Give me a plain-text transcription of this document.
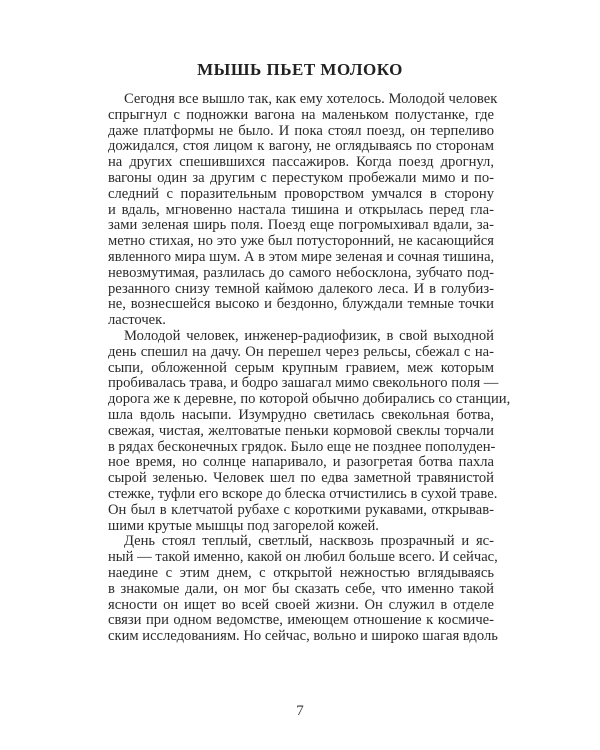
МЫШЬ ПЬЕТ МОЛОКО
Сегодня все вышло так, как ему хотелось. Молодой человек
спрыгнул с подножки вагона на маленьком полустанке, где
даже платформы не было. И пока стоял поезд, он терпеливо
дожидался, стоя лицом к вагону, не оглядываясь по сторонам
на других спешившихся пассажиров. Когда поезд дрогнул,
вагоны один за другим с перестуком пробежали мимо и по-
следний с поразительным проворством умчался в сторону
и вдаль, мгновенно настала тишина и открылась перед гла-
зами зеленая ширь поля. Поезд еще погромыхивал вдали, за-
метно стихая, но это уже был потусторонний, не касающийся
явленного мира шум. А в этом мире зеленая и сочная тишина,
невозмутимая, разлилась до самого небосклона, зубчато под-
резанного снизу темной каймою далекого леса. И в голубиз-
не, вознесшейся высоко и бездонно, блуждали темные точки
ласточек.
Молодой человек, инженер-радиофизик, в свой выходной
день спешил на дачу. Он перешел через рельсы, сбежал с на-
сыпи, обложенной серым крупным гравием, меж которым
пробивалась трава, и бодро зашагал мимо свекольного поля —
дорога же к деревне, по которой обычно добирались со станции,
шла вдоль насыпи. Изумрудно светилась свекольная ботва,
свежая, чистая, желтоватые пеньки кормовой свеклы торчали
в рядах бесконечных грядок. Было еще не позднее пополуден-
ное время, но солнце напаривало, и разогретая ботва пахла
сырой зеленью. Человек шел по едва заметной травянистой
стежке, туфли его вскоре до блеска отчистились в сухой траве.
Он был в клетчатой рубахе с короткими рукавами, открывав-
шими крутые мышцы под загорелой кожей.
День стоял теплый, светлый, насквозь прозрачный и яс-
ный — такой именно, какой он любил больше всего. И сейчас,
наедине с этим днем, с открытой нежностью вглядываясь
в знакомые дали, он мог бы сказать себе, что именно такой
ясности он ищет во всей своей жизни. Он служил в отделе
связи при одном ведомстве, имеющем отношение к космиче-
ским исследованиям. Но сейчас, вольно и широко шагая вдоль
7
